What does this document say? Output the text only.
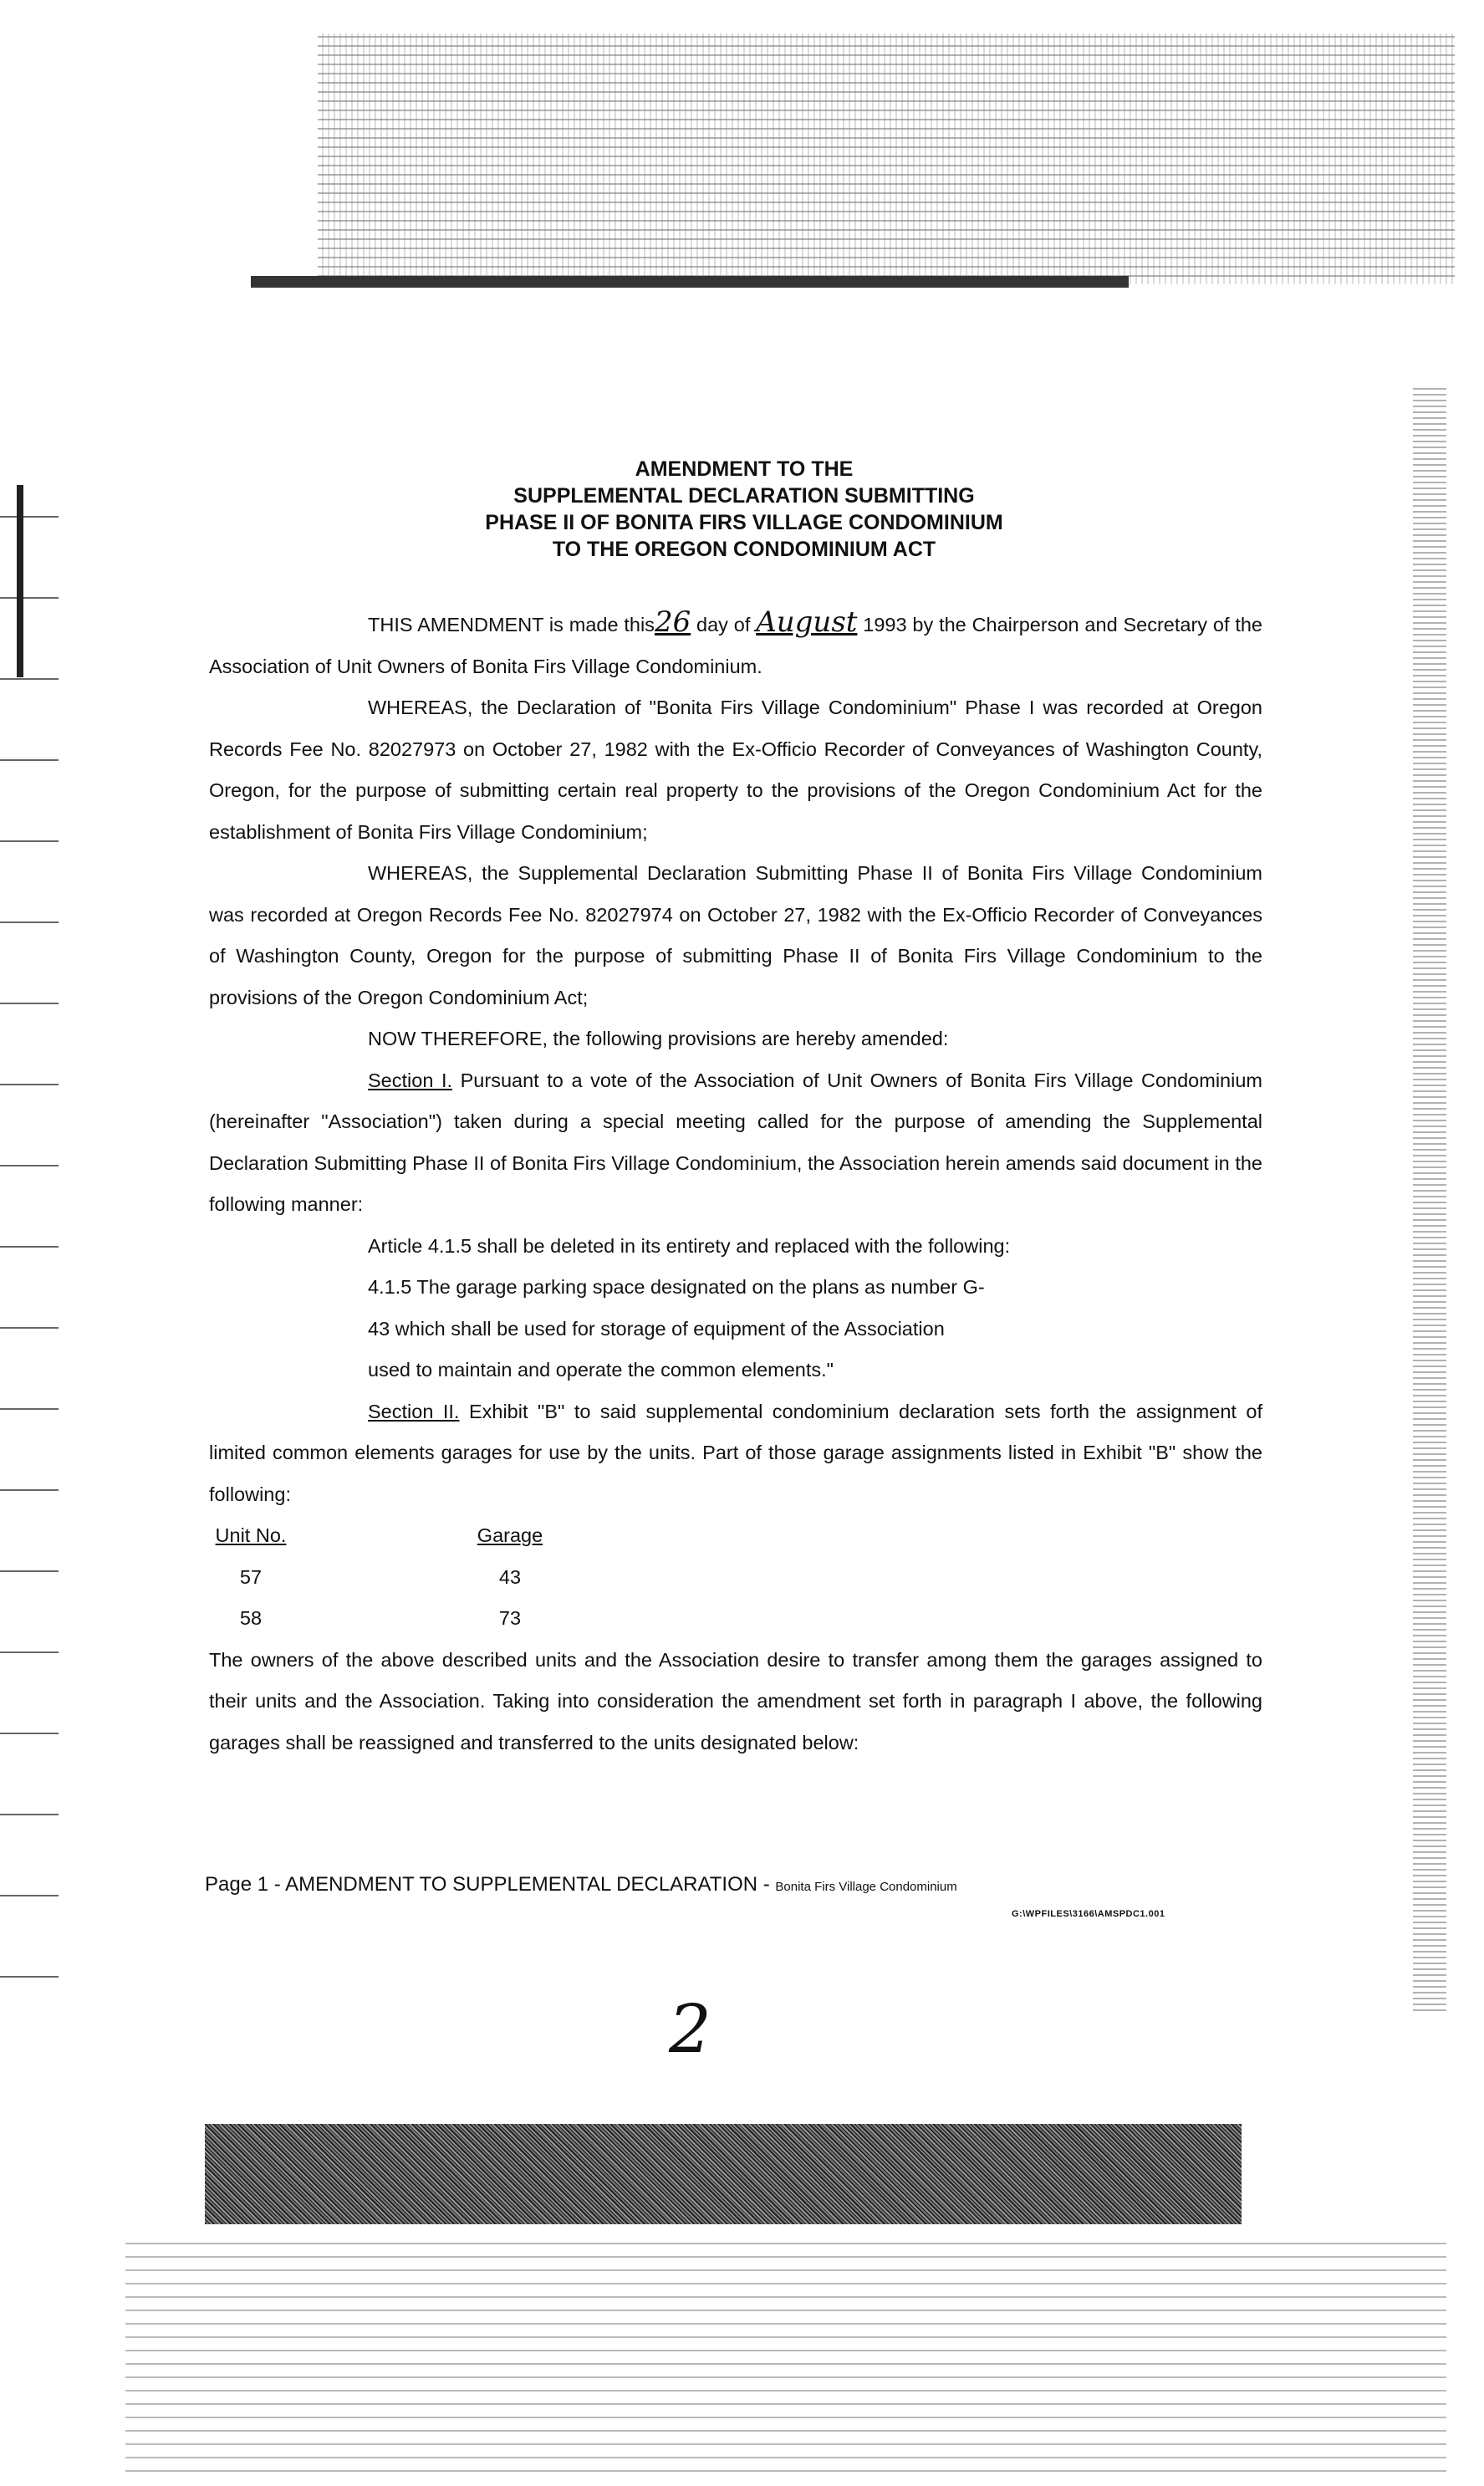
AMENDMENT TO THE
SUPPLEMENTAL DECLARATION SUBMITTING
PHASE II OF BONITA FIRS VILLAGE CONDOMINIUM
TO THE OREGON CONDOMINIUM ACT

THIS AMENDMENT is made this26 day of August 1993 by the Chairperson and Secretary of the Association of Unit Owners of Bonita Firs Village Condominium.

WHEREAS, the Declaration of "Bonita Firs Village Condominium" Phase I was recorded at Oregon Records Fee No. 82027973 on October 27, 1982 with the Ex-Officio Recorder of Conveyances of Washington County, Oregon, for the purpose of submitting certain real property to the provisions of the Oregon Condominium Act for the establishment of Bonita Firs Village Condominium;

WHEREAS, the Supplemental Declaration Submitting Phase II of Bonita Firs Village Condominium was recorded at Oregon Records Fee No. 82027974 on October 27, 1982 with the Ex-Officio Recorder of Conveyances of Washington County, Oregon for the purpose of submitting Phase II of Bonita Firs Village Condominium to the provisions of the Oregon Condominium Act;

NOW THEREFORE, the following provisions are hereby amended:

Section I. Pursuant to a vote of the Association of Unit Owners of Bonita Firs Village Condominium (hereinafter "Association") taken during a special meeting called for the purpose of amending the Supplemental Declaration Submitting Phase II of Bonita Firs Village Condominium, the Association herein amends said document in the following manner:

Article 4.1.5 shall be deleted in its entirety and replaced with the following:
4.1.5 The garage parking space designated on the plans as number G-
43 which shall be used for storage of equipment of the Association
used to maintain and operate the common elements."

Section II. Exhibit "B" to said supplemental condominium declaration sets forth the assignment of limited common elements garages for use by the units. Part of those garage assignments listed in Exhibit "B" show the following:

Unit No.		Garage
57		43
58		73

The owners of the above described units and the Association desire to transfer among them the garages assigned to their units and the Association. Taking into consideration the amendment set forth in paragraph I above, the following garages shall be reassigned and transferred to the units designated below:

Page 1 - AMENDMENT TO SUPPLEMENTAL DECLARATION - Bonita Firs Village Condominium
G:\WPFILES\3166\AMSPDC1.001
2
